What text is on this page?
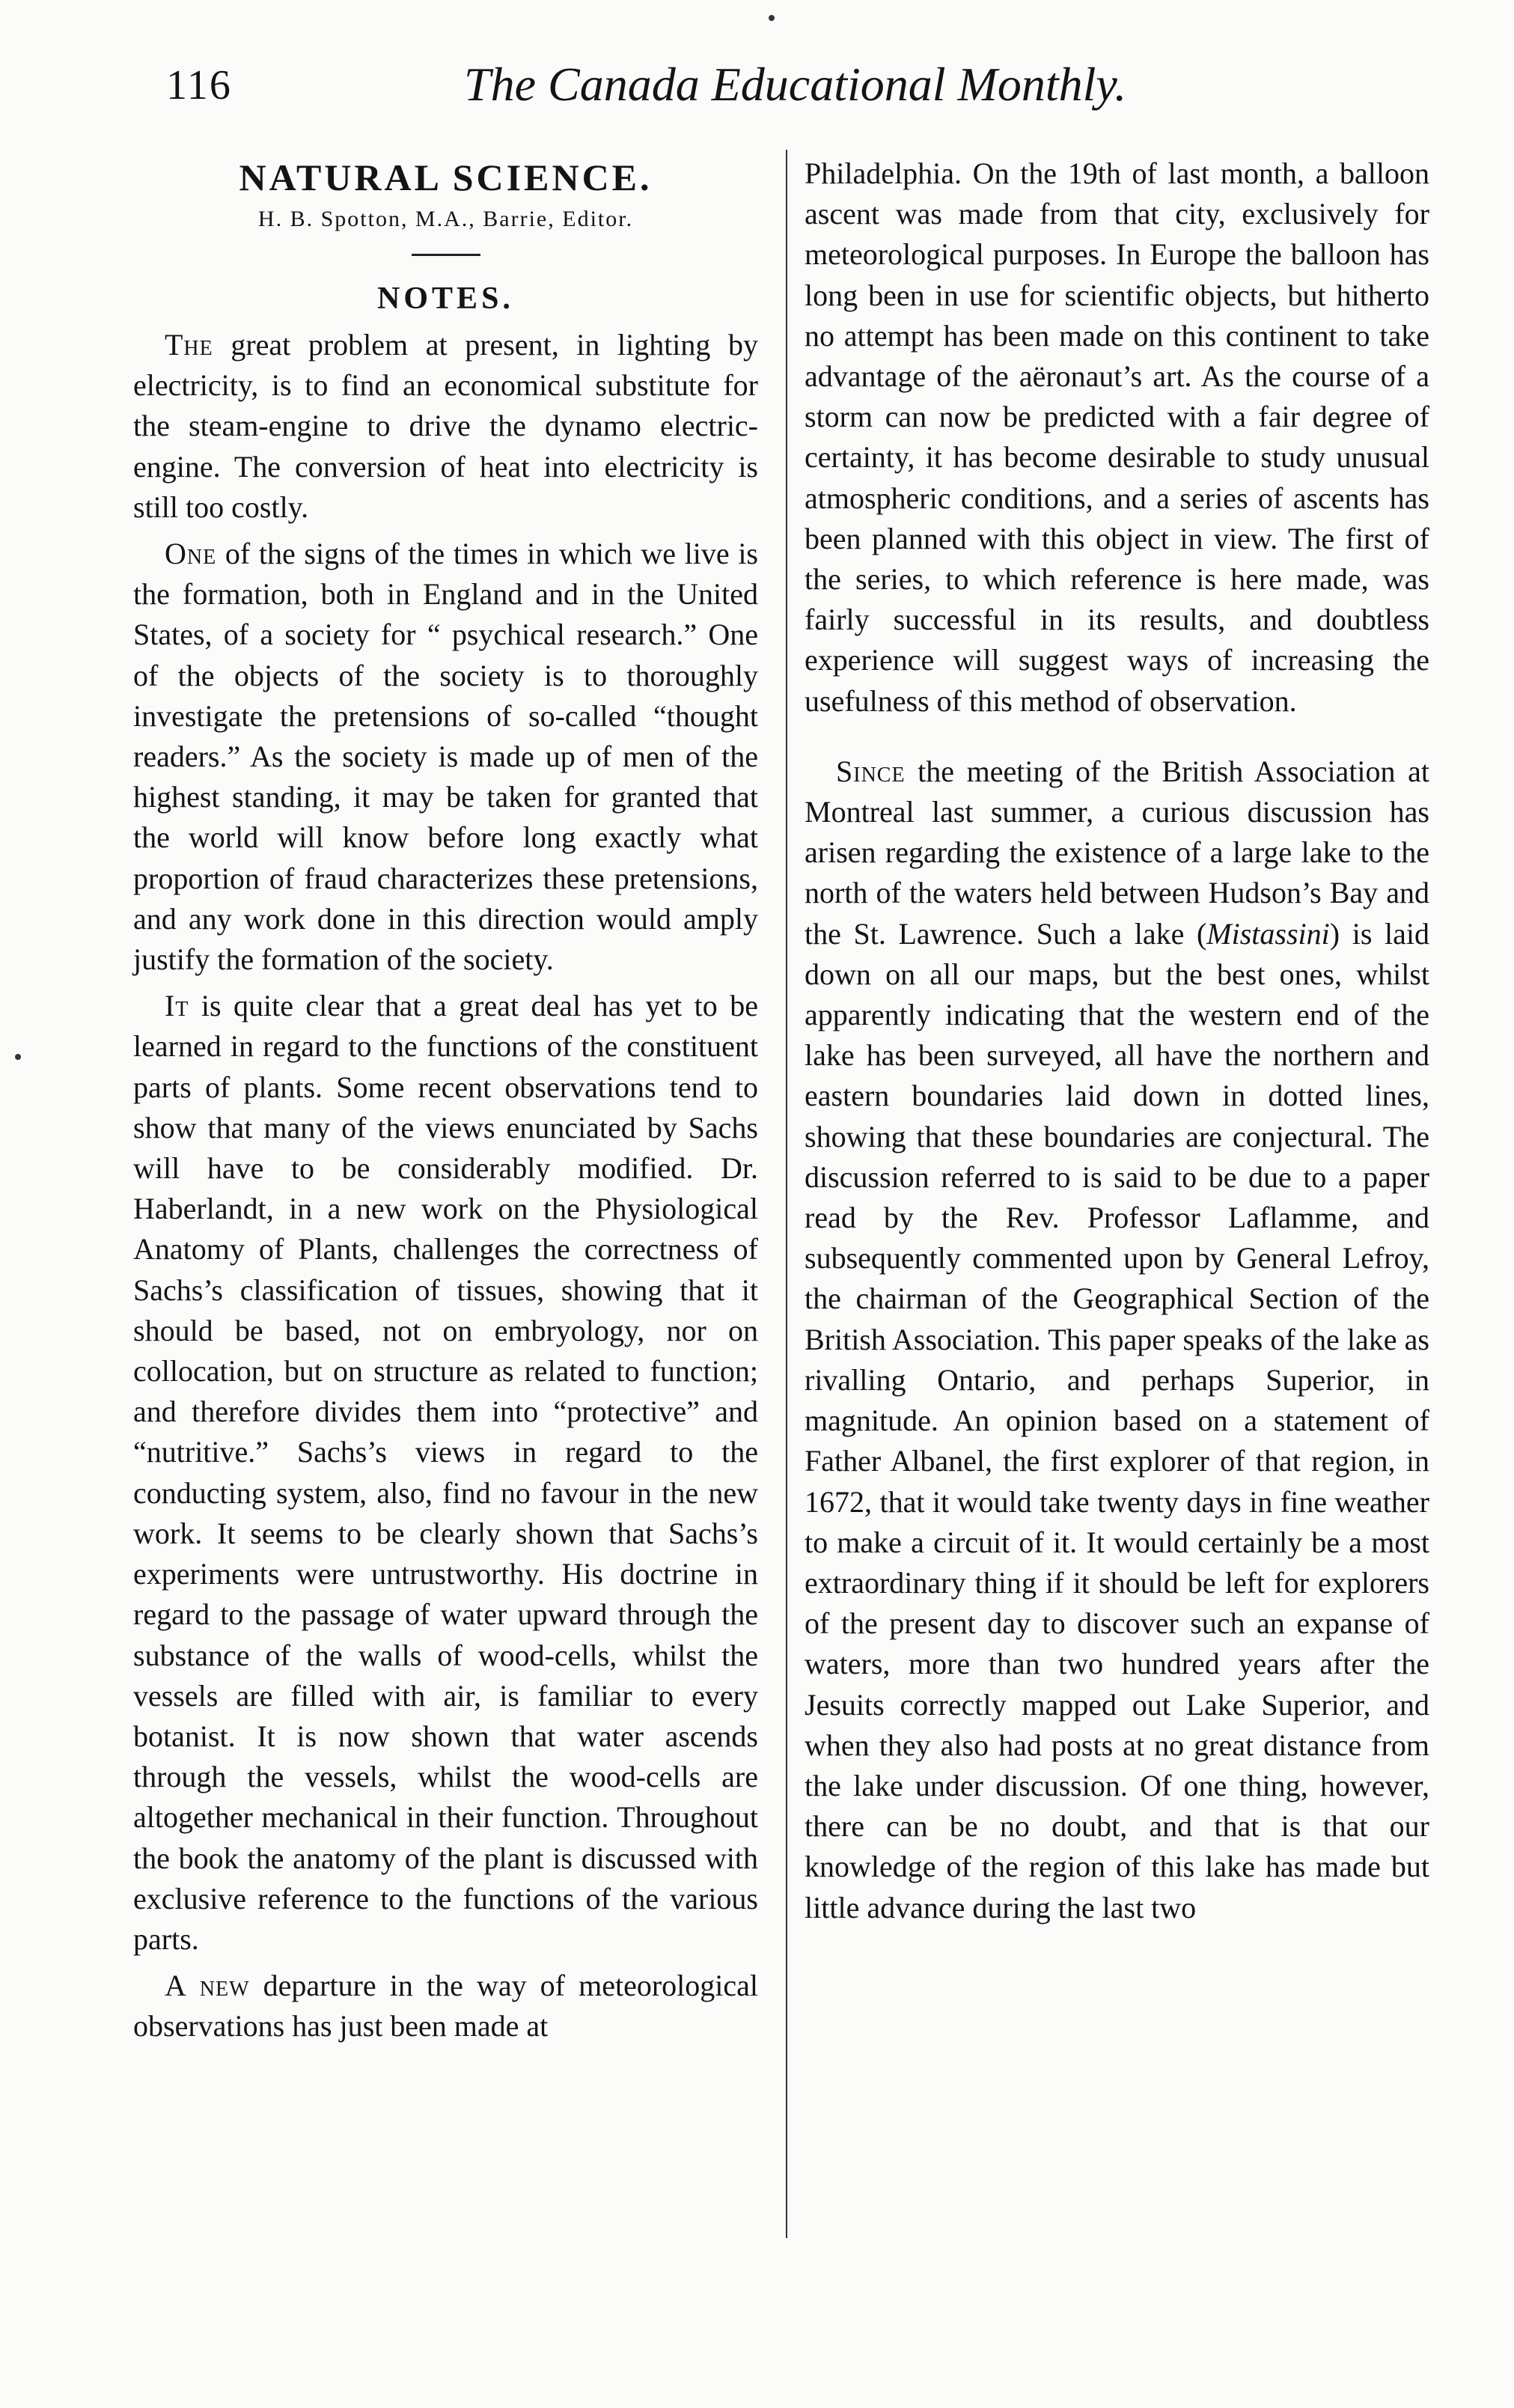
116	The Canada Educational Monthly.
NATURAL SCIENCE.
H. B. Spotton, M.A., Barrie, Editor.
NOTES.

The great problem at present, in lighting by electricity, is to find an economical substitute for the steam-engine to drive the dynamo electric-engine. The conversion of heat into electricity is still too costly.

One of the signs of the times in which we live is the formation, both in England and in the United States, of a society for “ psychical research.” One of the objects of the society is to thoroughly investigate the pretensions of so-called “thought readers.” As the society is made up of men of the highest standing, it may be taken for granted that the world will know before long exactly what proportion of fraud characterizes these pretensions, and any work done in this direction would amply justify the formation of the society.

It is quite clear that a great deal has yet to be learned in regard to the functions of the constituent parts of plants. Some recent observations tend to show that many of the views enunciated by Sachs will have to be considerably modified. Dr. Haberlandt, in a new work on the Physiological Anatomy of Plants, challenges the correctness of Sachs’s classification of tissues, showing that it should be based, not on embryology, nor on collocation, but on structure as related to function; and therefore divides them into “protective” and “nutritive.” Sachs’s views in regard to the conducting system, also, find no favour in the new work. It seems to be clearly shown that Sachs’s experiments were untrustworthy. His doctrine in regard to the passage of water upward through the substance of the walls of wood-cells, whilst the vessels are filled with air, is familiar to every botanist. It is now shown that water ascends through the vessels, whilst the wood-cells are altogether mechanical in their function. Throughout the book the anatomy of the plant is discussed with exclusive reference to the functions of the various parts.

A new departure in the way of meteorological observations has just been made at

Philadelphia. On the 19th of last month, a balloon ascent was made from that city, exclusively for meteorological purposes. In Europe the balloon has long been in use for scientific objects, but hitherto no attempt has been made on this continent to take advantage of the aëronaut’s art. As the course of a storm can now be predicted with a fair degree of certainty, it has become desirable to study unusual atmospheric conditions, and a series of ascents has been planned with this object in view. The first of the series, to which reference is here made, was fairly successful in its results, and doubtless experience will suggest ways of increasing the usefulness of this method of observation.

Since the meeting of the British Association at Montreal last summer, a curious discussion has arisen regarding the existence of a large lake to the north of the waters held between Hudson’s Bay and the St. Lawrence. Such a lake (Mistassini) is laid down on all our maps, but the best ones, whilst apparently indicating that the western end of the lake has been surveyed, all have the northern and eastern boundaries laid down in dotted lines, showing that these boundaries are conjectural. The discussion referred to is said to be due to a paper read by the Rev. Professor Laflamme, and subsequently commented upon by General Lefroy, the chairman of the Geographical Section of the British Association. This paper speaks of the lake as rivalling Ontario, and perhaps Superior, in magnitude. An opinion based on a statement of Father Albanel, the first explorer of that region, in 1672, that it would take twenty days in fine weather to make a circuit of it. It would certainly be a most extraordinary thing if it should be left for explorers of the present day to discover such an expanse of waters, more than two hundred years after the Jesuits correctly mapped out Lake Superior, and when they also had posts at no great distance from the lake under discussion. Of one thing, however, there can be no doubt, and that is that our knowledge of the region of this lake has made but little advance during the last two
